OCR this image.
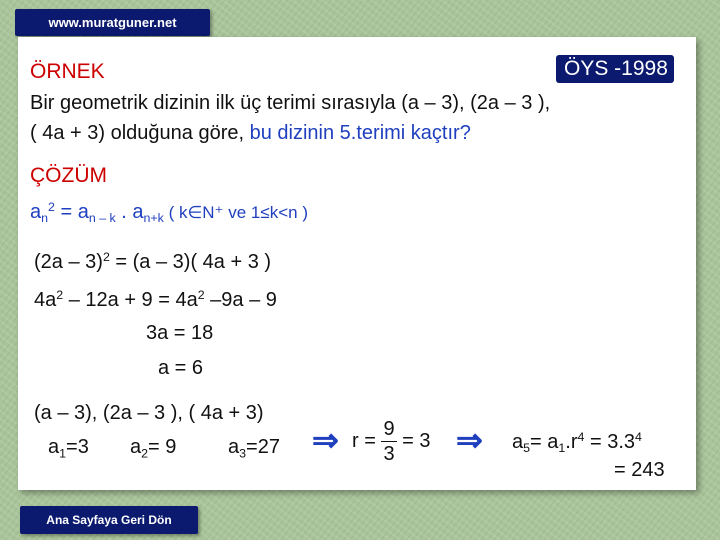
www.muratguner.net
ÖRNEK	ÖYS -1998
Bir geometrik dizinin ilk üç terimi sırasıyla (a – 3), (2a – 3 ),
( 4a + 3) olduğuna göre, bu dizinin 5.terimi kaçtır?
ÇÖZÜM
$a_n^2 = a_{n - k}$ . $a_{n+k}$ ( k∈N⁺ ve 1≤k<n )
(2a – 3)$^2$ = (a – 3)( 4a + 3 )
$4a^2 - 12a + 9 = 4a^2$ –9a – 9
3a = 18
a = 6
(a – 3), (2a – 3 ), ( 4a + 3)
$a_1=3$ $a_2= 9$	$a_3=27$ ⇒ $r = \frac{9}{3} = 3$ ⇒ $a_5= a_1.r^4 = 3.3^4$
= 243
Ana Sayfaya Geri Dön
